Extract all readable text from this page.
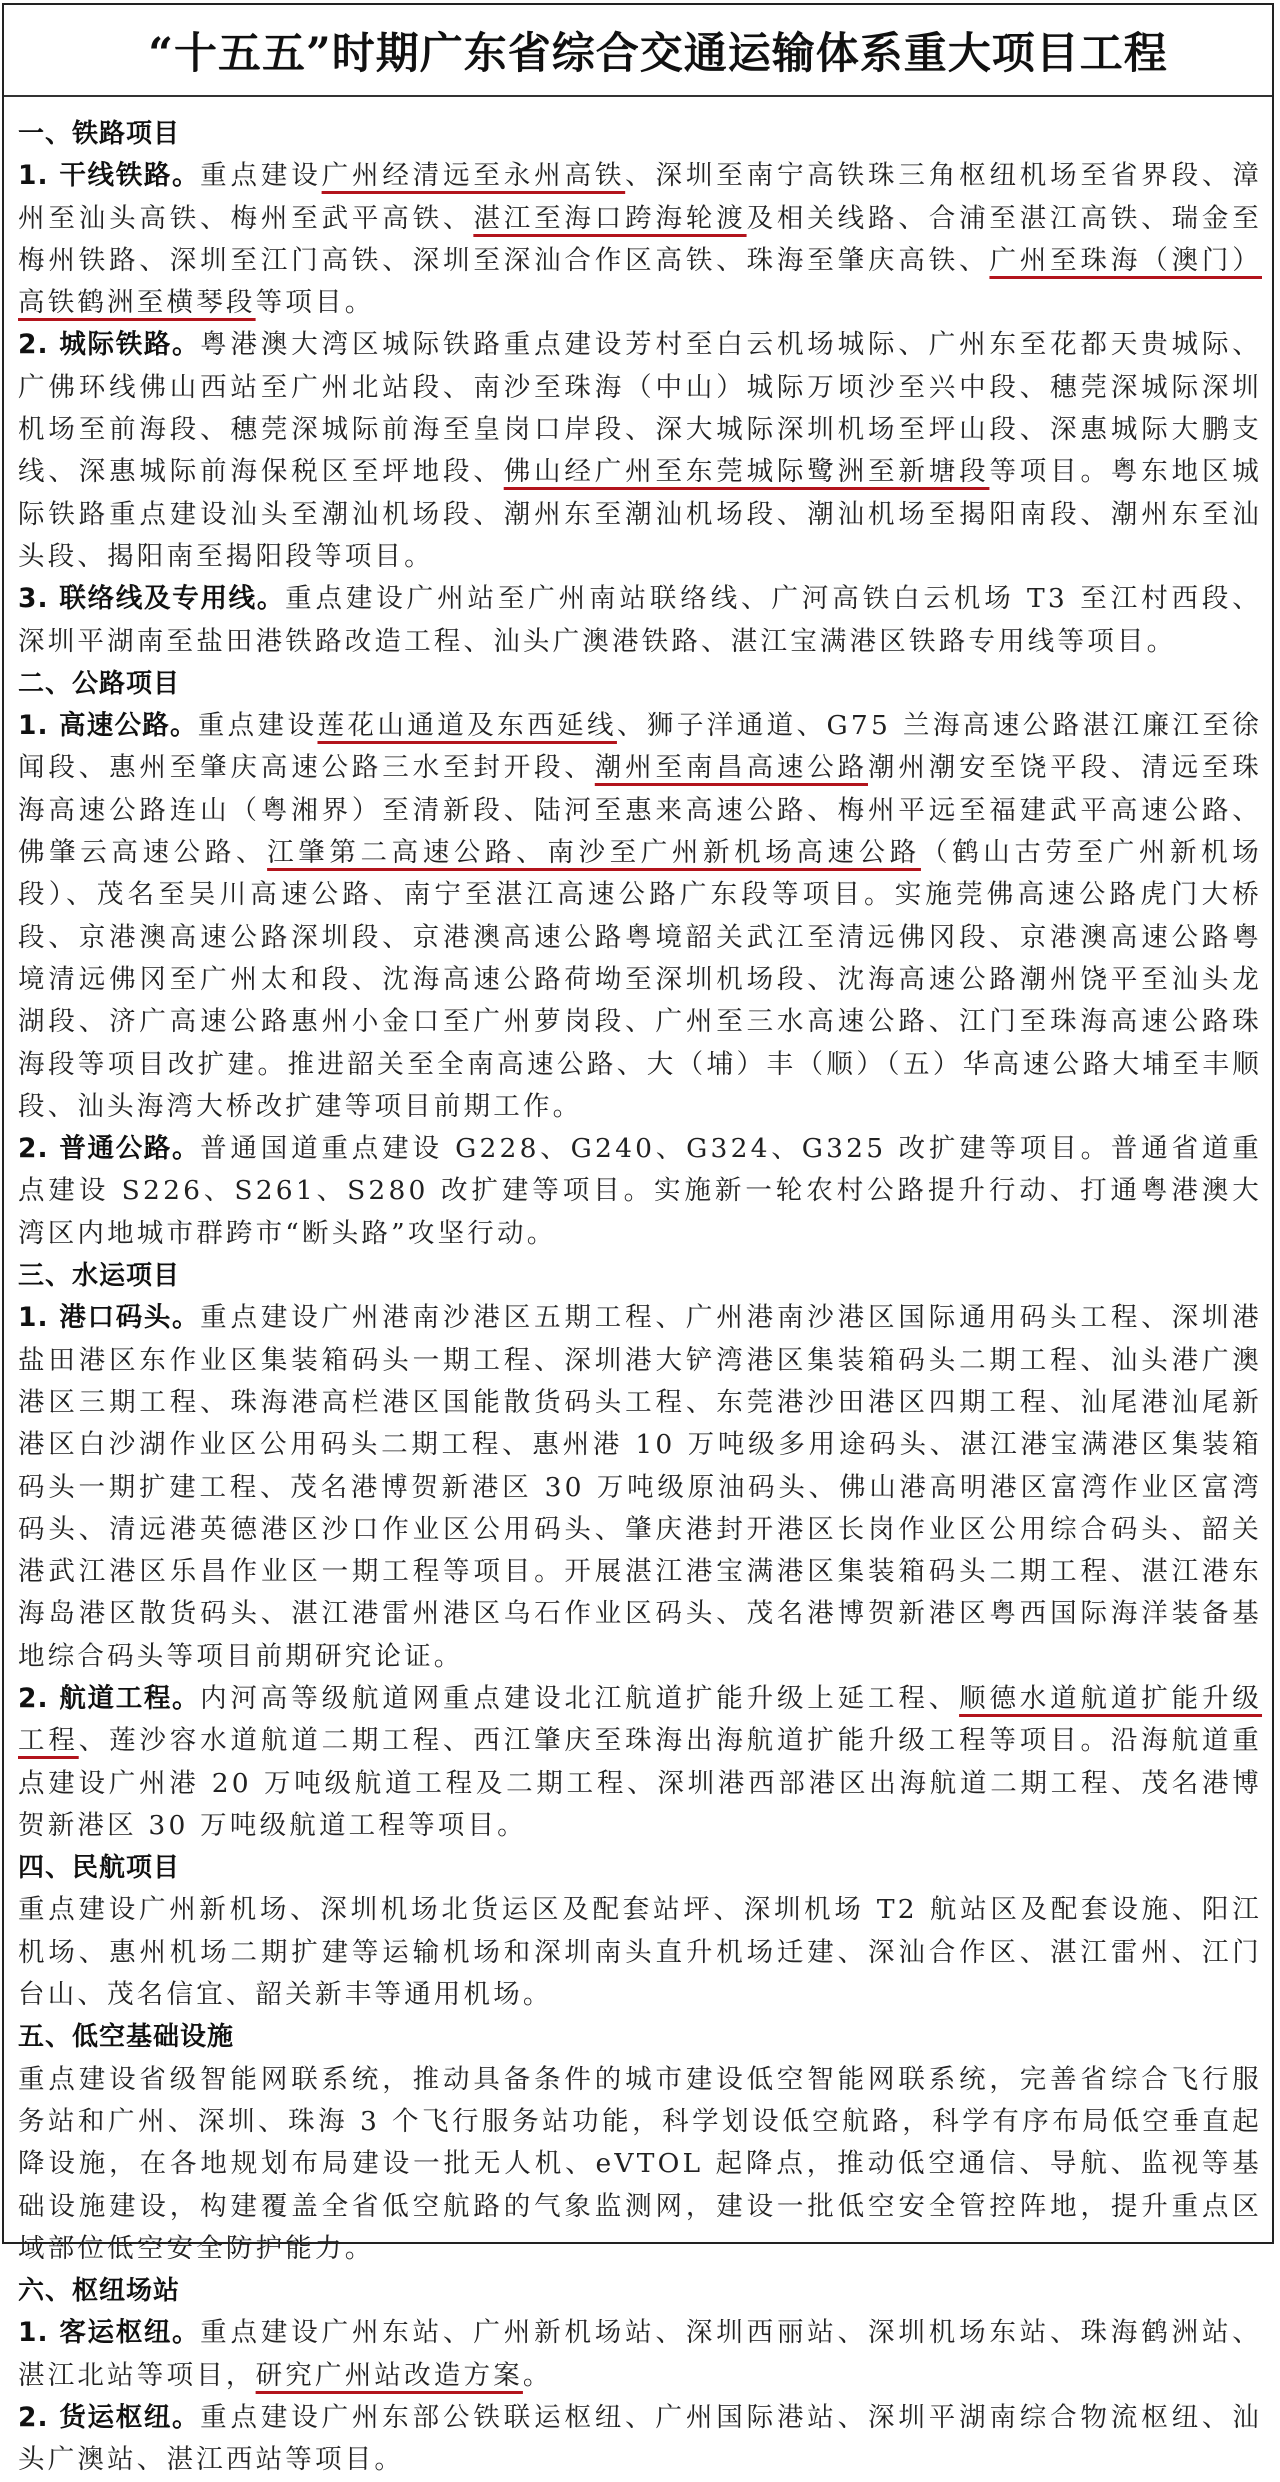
“十五五”时期广东省综合交通运输体系重大项目工程
一、铁路项目

1. 干线铁路。重点建设广州经清远至永州高铁、深圳至南宁高铁珠三角枢纽机场至省界段、漳州至汕头高铁、梅州至武平高铁、湛江至海口跨海轮渡及相关线路、合浦至湛江高铁、瑞金至梅州铁路、深圳至江门高铁、深圳至深汕合作区高铁、珠海至肇庆高铁、广州至珠海（澳门）高铁鹤洲至横琴段等项目。

2. 城际铁路。粤港澳大湾区城际铁路重点建设芳村至白云机场城际、广州东至花都天贵城际、广佛环线佛山西站至广州北站段、南沙至珠海（中山）城际万顷沙至兴中段、穗莞深城际深圳机场至前海段、穗莞深城际前海至皇岗口岸段、深大城际深圳机场至坪山段、深惠城际大鹏支线、深惠城际前海保税区至坪地段、佛山经广州至东莞城际鹭洲至新塘段等项目。粤东地区城际铁路重点建设汕头至潮汕机场段、潮州东至潮汕机场段、潮汕机场至揭阳南段、潮州东至汕头段、揭阳南至揭阳段等项目。

3. 联络线及专用线。重点建设广州站至广州南站联络线、广河高铁白云机场 T3 至江村西段、深圳平湖南至盐田港铁路改造工程、汕头广澳港铁路、湛江宝满港区铁路专用线等项目。

二、公路项目

1. 高速公路。重点建设莲花山通道及东西延线、狮子洋通道、G75 兰海高速公路湛江廉江至徐闻段、惠州至肇庆高速公路三水至封开段、潮州至南昌高速公路潮州潮安至饶平段、清远至珠海高速公路连山（粤湘界）至清新段、陆河至惠来高速公路、梅州平远至福建武平高速公路、佛肇云高速公路、江肇第二高速公路、南沙至广州新机场高速公路（鹤山古劳至广州新机场段）、茂名至吴川高速公路、南宁至湛江高速公路广东段等项目。实施莞佛高速公路虎门大桥段、京港澳高速公路深圳段、京港澳高速公路粤境韶关武江至清远佛冈段、京港澳高速公路粤境清远佛冈至广州太和段、沈海高速公路荷坳至深圳机场段、沈海高速公路潮州饶平至汕头龙湖段、济广高速公路惠州小金口至广州萝岗段、广州至三水高速公路、江门至珠海高速公路珠海段等项目改扩建。推进韶关至全南高速公路、大（埔）丰（顺）（五）华高速公路大埔至丰顺段、汕头海湾大桥改扩建等项目前期工作。

2. 普通公路。普通国道重点建设 G228、G240、G324、G325 改扩建等项目。普通省道重点建设 S226、S261、S280 改扩建等项目。实施新一轮农村公路提升行动、打通粤港澳大湾区内地城市群跨市“断头路”攻坚行动。

三、水运项目

1. 港口码头。重点建设广州港南沙港区五期工程、广州港南沙港区国际通用码头工程、深圳港盐田港区东作业区集装箱码头一期工程、深圳港大铲湾港区集装箱码头二期工程、汕头港广澳港区三期工程、珠海港高栏港区国能散货码头工程、东莞港沙田港区四期工程、汕尾港汕尾新港区白沙湖作业区公用码头二期工程、惠州港 10 万吨级多用途码头、湛江港宝满港区集装箱码头一期扩建工程、茂名港博贺新港区 30 万吨级原油码头、佛山港高明港区富湾作业区富湾码头、清远港英德港区沙口作业区公用码头、肇庆港封开港区长岗作业区公用综合码头、韶关港武江港区乐昌作业区一期工程等项目。开展湛江港宝满港区集装箱码头二期工程、湛江港东海岛港区散货码头、湛江港雷州港区乌石作业区码头、茂名港博贺新港区粤西国际海洋装备基地综合码头等项目前期研究论证。

2. 航道工程。内河高等级航道网重点建设北江航道扩能升级上延工程、顺德水道航道扩能升级工程、莲沙容水道航道二期工程、西江肇庆至珠海出海航道扩能升级工程等项目。沿海航道重点建设广州港 20 万吨级航道工程及二期工程、深圳港西部港区出海航道二期工程、茂名港博贺新港区 30 万吨级航道工程等项目。

四、民航项目

重点建设广州新机场、深圳机场北货运区及配套站坪、深圳机场 T2 航站区及配套设施、阳江机场、惠州机场二期扩建等运输机场和深圳南头直升机场迁建、深汕合作区、湛江雷州、江门台山、茂名信宜、韶关新丰等通用机场。

五、低空基础设施

重点建设省级智能网联系统，推动具备条件的城市建设低空智能网联系统，完善省综合飞行服务站和广州、深圳、珠海 3 个飞行服务站功能，科学划设低空航路，科学有序布局低空垂直起降设施，在各地规划布局建设一批无人机、eVTOL 起降点，推动低空通信、导航、监视等基础设施建设，构建覆盖全省低空航路的气象监测网，建设一批低空安全管控阵地，提升重点区域部位低空安全防护能力。

六、枢纽场站

1. 客运枢纽。重点建设广州东站、广州新机场站、深圳西丽站、深圳机场东站、珠海鹤洲站、湛江北站等项目，研究广州站改造方案。

2. 货运枢纽。重点建设广州东部公铁联运枢纽、广州国际港站、深圳平湖南综合物流枢纽、汕头广澳站、湛江西站等项目。
